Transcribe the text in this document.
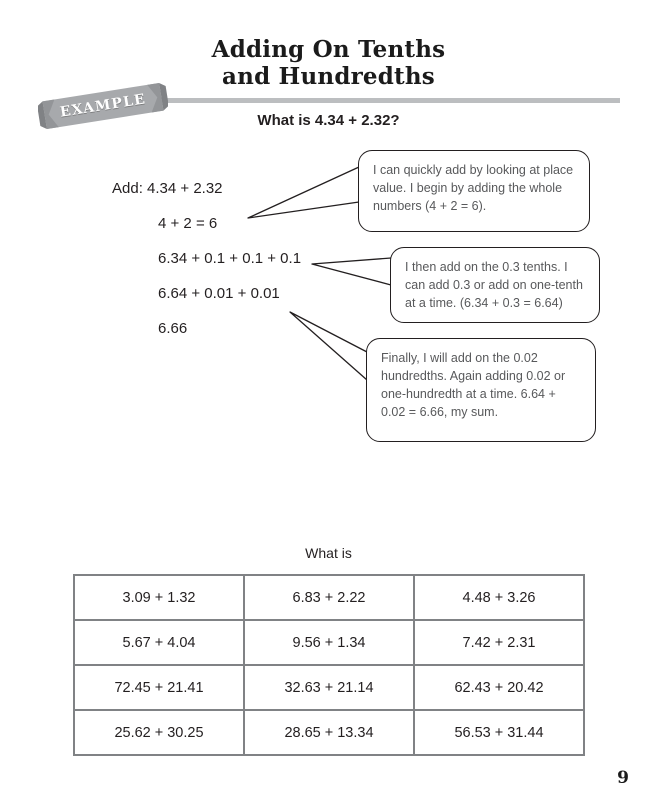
Adding On Tenths
and Hundredths
EXAMPLE	What is 4.34 + 2.32?
Add: 4.34 + 2.32
4 + 2 = 6
6.34 + 0.1 + 0.1 + 0.1
6.64 + 0.01 + 0.01
6.66
I can quickly add by looking at place value. I begin by adding the whole numbers (4 + 2 = 6).
I then add on the 0.3 tenths. I can add 0.3 or add on one-tenth at a time. (6.34 + 0.3 = 6.64)
Finally, I will add on the 0.02 hundredths. Again adding 0.02 or one-hundredth at a time. 6.64 + 0.02 = 6.66, my sum.
What is
3.09 + 1.32	6.83 + 2.22	4.48 + 3.26
5.67 + 4.04	9.56 + 1.34	7.42 + 2.31
72.45 + 21.41	32.63 + 21.14	62.43 + 20.42
25.62 + 30.25	28.65 + 13.34	56.53 + 31.44
9
